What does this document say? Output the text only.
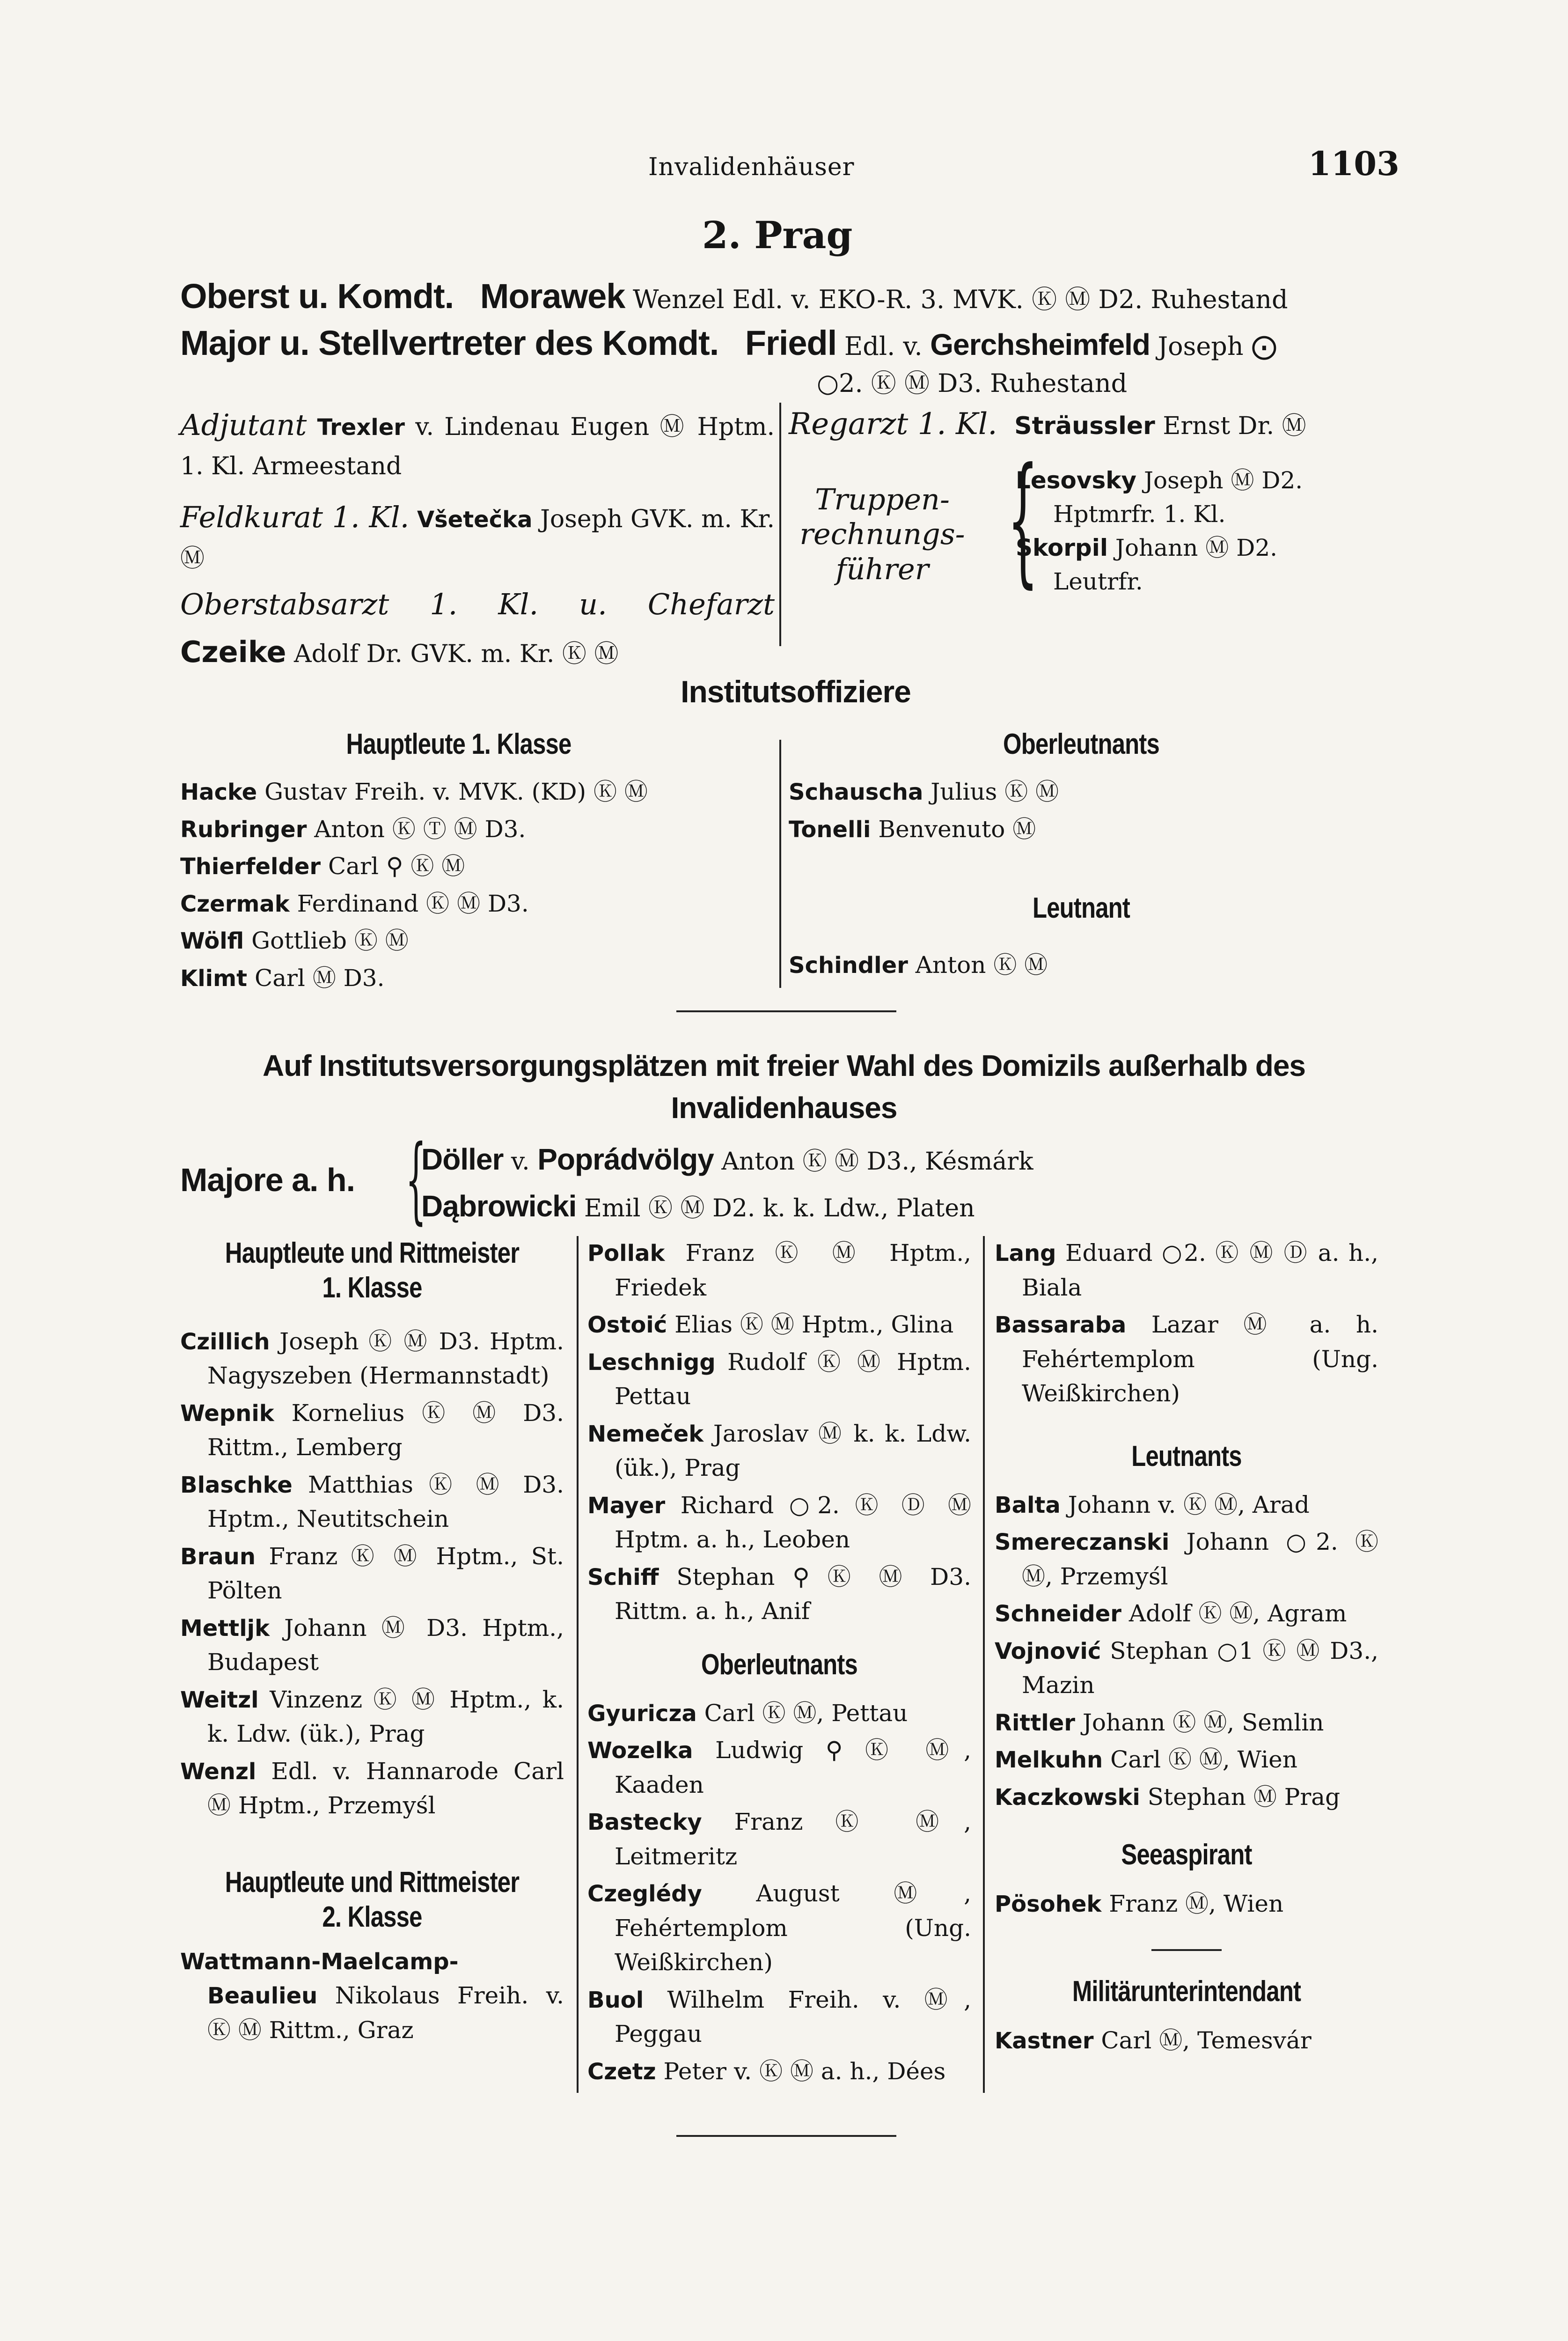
Invalidenhäuser	1103
2. Prag
Oberst u. Komdt. Morawek Wenzel Edl. v. EKO-R. 3. MVK. Ⓚ Ⓜ D2. Ruhestand
Major u. Stellvertreter des Komdt. Friedl Edl. v. Gerchsheimfeld Joseph ⨀
○2. Ⓚ Ⓜ D3. Ruhestand
Adjutant Trexler v. Lindenau Eugen Ⓜ Hptm. 1. Kl. Armeestand
Feldkurat 1. Kl. Všetečka Joseph GVK. m. Kr. Ⓜ
Oberstabsarzt 1. Kl. u. Chefarzt
Czeike Adolf Dr. GVK. m. Kr. Ⓚ Ⓜ
Regarzt 1. Kl. Sträussler Ernst Dr. Ⓜ
Truppen-
rechnungs-
führer {
Lesovsky Joseph Ⓜ D2.
Hptmrfr. 1. Kl.
Skorpil Johann Ⓜ D2.
Leutrfr.
Institutsoffiziere
Hauptleute 1. Klasse
Hacke Gustav Freih. v. MVK. (KD) Ⓚ Ⓜ
Rubringer Anton Ⓚ Ⓣ Ⓜ D3.
Thierfelder Carl ⚲ Ⓚ Ⓜ
Czermak Ferdinand Ⓚ Ⓜ D3.
Wölfl Gottlieb Ⓚ Ⓜ
Klimt Carl Ⓜ D3.
Oberleutnants
Schauscha Julius Ⓚ Ⓜ
Tonelli Benvenuto Ⓜ
Leutnant
Schindler Anton Ⓚ Ⓜ
Auf Institutsversorgungsplätzen mit freier Wahl des Domizils außerhalb des
Invalidenhauses
Majore a. h. {
Döller v. Poprádvölgy Anton Ⓚ Ⓜ D3., Késmárk
Dąbrowicki Emil Ⓚ Ⓜ D2. k. k. Ldw., Platen
Hauptleute und Rittmeister 1. Klasse
Czillich Joseph Ⓚ Ⓜ D3. Hptm. Nagyszeben (Hermannstadt)
Wepnik Kornelius Ⓚ Ⓜ D3. Rittm., Lemberg
Blaschke Matthias Ⓚ Ⓜ D3. Hptm., Neutitschein
Braun Franz Ⓚ Ⓜ Hptm., St. Pölten
Mettljk Johann Ⓜ D3. Hptm., Budapest
Weitzl Vinzenz Ⓚ Ⓜ Hptm., k. k. Ldw. (ük.), Prag
Wenzl Edl. v. Hannarode Carl Ⓜ Hptm., Przemyśl
Hauptleute und Rittmeister 2. Klasse
Wattmann-Maelcamp-Beaulieu Nikolaus Freih. v. Ⓚ Ⓜ Rittm., Graz
Pollak Franz Ⓚ Ⓜ Hptm., Friedek
Ostoić Elias Ⓚ Ⓜ Hptm., Glina
Leschnigg Rudolf Ⓚ Ⓜ Hptm. Pettau
Nemeček Jaroslav Ⓜ k. k. Ldw. (ük.), Prag
Mayer Richard ○2. Ⓚ Ⓓ Ⓜ Hptm. a. h., Leoben
Schiff Stephan ⚲ Ⓚ Ⓜ D3. Rittm. a. h., Anif
Oberleutnants
Gyuricza Carl Ⓚ Ⓜ, Pettau
Wozelka Ludwig ⚲ Ⓚ Ⓜ, Kaaden
Bastecky Franz Ⓚ Ⓜ, Leitmeritz
Czeglédy August Ⓜ, Fehértemplom (Ung. Weißkirchen)
Buol Wilhelm Freih. v. Ⓜ, Peggau
Czetz Peter v. Ⓚ Ⓜ a. h., Dées
Lang Eduard ○2. Ⓚ Ⓜ Ⓓ a. h., Biala
Bassaraba Lazar Ⓜ a. h. Fehértemplom (Ung. Weißkirchen)
Leutnants
Balta Johann v. Ⓚ Ⓜ, Arad
Smereczanski Johann ○2. Ⓚ Ⓜ, Przemyśl
Schneider Adolf Ⓚ Ⓜ, Agram
Vojnović Stephan ○1 Ⓚ Ⓜ D3., Mazin
Rittler Johann Ⓚ Ⓜ, Semlin
Melkuhn Carl Ⓚ Ⓜ, Wien
Kaczkowski Stephan Ⓜ Prag
Seeaspirant
Pösohek Franz Ⓜ, Wien
Militärunterintendant
Kastner Carl Ⓜ, Temesvár
